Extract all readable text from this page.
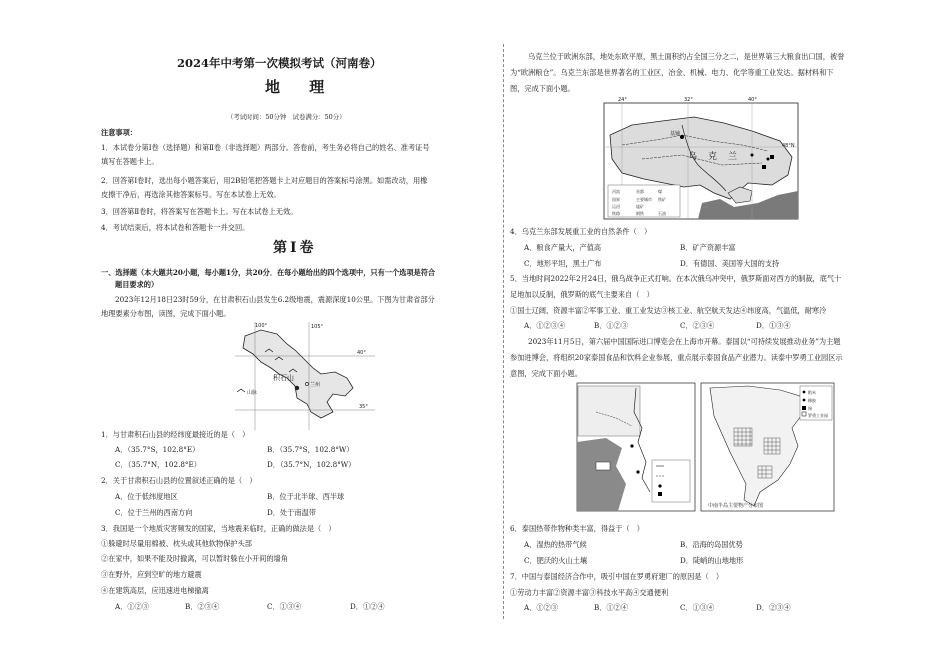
2024年中考第一次模拟考试（河南卷）
地 理
（考试时间：50分钟　试卷满分：50分）
注意事项：
1．本试卷分第Ⅰ卷（选择题）和第Ⅱ卷（非选择题）两部分。答卷前，考生务必将自己的姓名、准考证号
填写在答题卡上。
2．回答第Ⅰ卷时，选出每小题答案后，用2B铅笔把答题卡上对应题目的答案标号涂黑。如需改动，用橡
皮擦干净后，再选涂其他答案标号。写在本试卷上无效。
3．回答第Ⅱ卷时，将答案写在答题卡上。写在本试卷上无效。
4．考试结束后，将本试卷和答题卡一并交回。
第Ⅰ卷
一、选择题（本大题共20小题，每小题1分，共20分．在每小题给出的四个选项中，只有一个选项是符合
题目要求的）
2023年12月18日23时59分，在甘肃积石山县发生6.2级地震，震源深度10公里。下图为甘肃省部分
地理要素分布图，读图，完成下面小题。
100°	105°
40°
35°
积石山
兰州
山脉
1．与甘肃积石山县的经纬度最接近的是（　）
A．（35.7°S，102.8°E）	B．（35.7°S，102.8°W）
C．（35.7°N，102.8°E）	D．（35.7°N，102.8°W）
2．关于甘肃积石山县的位置叙述正确的是（　）
A．位于低纬度地区	B．位于北半球、西半球
C．位于兰州的西南方向	D．处于南温带
3．我国是一个地质灾害频发的国家，当地震来临时，正确的做法是（　）
①躲避时尽量用棉被、枕头或其他软物保护头部
②在家中，如果不能及时撤离，可以暂时躲在小开间的墙角
③在野外，应到空旷的地方避震
④在建筑高层，应迅速进电梯撤离
A．①②③	B．②③④	C．①③④	D．①②④
乌克兰位于欧洲东部，地处东欧平原，黑土面积约占全国三分之二，是世界第三大粮食出口国，被誉
为“欧洲粮仓”。乌克兰东部是世界著名的工业区，冶金、机械、电力、化学等重工业发达。据材料和下
图，完成下面小题。
24°	32°	40°
48°N
乌 克 兰
基辅
河流	首都	煤
国界	主要城市 铁矿
运河	锰矿
铁路	钢铁	石油
4．乌克兰东部发展重工业的自然条件（　）
A．粮食产量大，产值高	B．矿产资源丰富
C．地形平坦，黑土广布	D．有德国、美国等大国的支持
5．当地时间2022年2月24日，俄乌战争正式打响。在本次俄乌冲突中，俄罗斯面对西方的制裁，底气十
足地加以反制，俄罗斯的底气主要来自（　）
①国土辽阔，资源丰富②军事工业、重工业发达③核工业、航空航天发达④纬度高，气温低，耐寒冷
A．①②③④	B．①②③	C．②③④	D．①③④
2023年11月5日，第六届中国国际进口博览会在上海市开幕。泰国以“可持续发展推动业务”为主题
参加进博会，将组织20家泰国食品和饮料企业参展，重点展示泰国食品产业潜力。读泰中罗勇工业园区示
意图，完成下面小题。
稻米
橡胶
锡
罗勇工业园
中南半岛主要物产分布图
6．泰国热带作物种类丰富，得益于（　）
A．湿热的热带气候	B．沿海的岛国优势
C．肥沃的火山土壤	D．陡峭的山地地形
7．中国与泰国经济合作中，吸引中国在罗勇府建厂的原因是（　）
①劳动力丰富②资源丰富③科技水平高④交通便利
A．①②③	B．①②④	C．①③④	D．②③④
